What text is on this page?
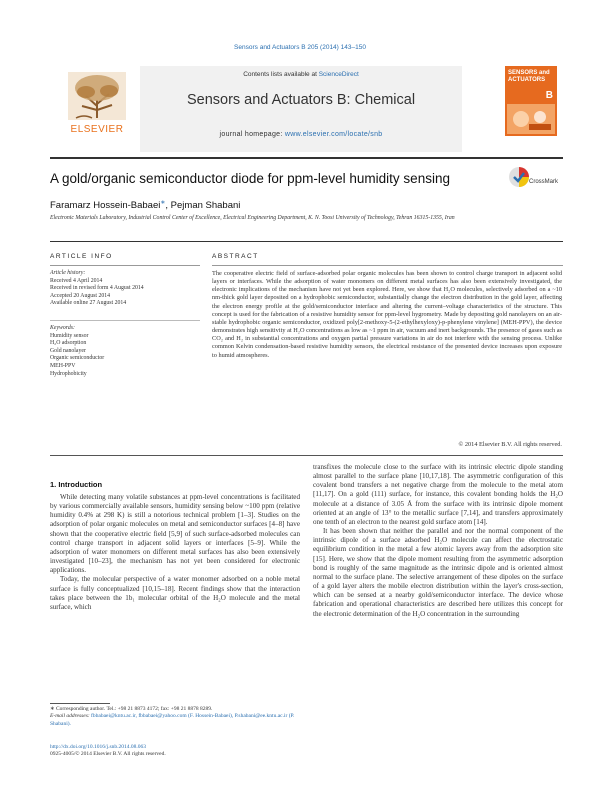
Sensors and Actuators B 205 (2014) 143–150
Contents lists available at ScienceDirect
Sensors and Actuators B: Chemical
journal homepage: www.elsevier.com/locate/snb
ELSEVIER
SENSORS and ACTUATORS
B
A gold/organic semiconductor diode for ppm-level humidity sensing	CrossMark
Faramarz Hossein-Babaei∗, Pejman Shabani
Electronic Materials Laboratory, Industrial Control Center of Excellence, Electrical Engineering Department, K. N. Toosi University of Technology, Tehran 16315-1355, Iran
ARTICLE INFO
Article history:
Received 4 April 2014
Received in revised form 4 August 2014
Accepted 20 August 2014
Available online 27 August 2014
Keywords:
Humidity sensor
H₂O adsorption
Gold nanolayer
Organic semiconductor
MEH-PPV
Hydrophobicity
ABSTRACT
The cooperative electric field of surface-adsorbed polar organic molecules has been shown to control charge transport in adjacent solid layers or interfaces. While the adsorption of water monomers on different metal surfaces has also been extensively investigated, the electronic implications of the mechanism have not yet been explored. Here, we show that H₂O molecules, selectively adsorbed on a ~10 nm-thick gold layer deposited on a hydrophobic semiconductor, substantially change the electron distribution in the gold layer, affecting the electron energy profile at the gold/semiconductor interface and altering the current–voltage characteristics of the structure. This concept is used for the fabrication of a resistive humidity sensor for ppm-level hygrometry. Made by depositing gold nanolayers on an air-stable hydrophobic organic semiconductor, oxidized poly[2-methoxy-5-(2-ethylhexyloxy)-p-phenylene vinylene] (MEH-PPV), the device demonstrates high sensitivity at H₂O concentrations as low as ~1 ppm in air, vacuum and inert backgrounds. The presence of gases such as CO₂ and H₂ in substantial concentrations and oxygen partial pressure variations in air do not interfere with the sensing process. Unlike common Kelvin condensation-based resistive humidity sensors, the electrical resistance of the presented device increases upon exposure to humid atmospheres.
© 2014 Elsevier B.V. All rights reserved.
1. Introduction

While detecting many volatile substances at ppm-level concentrations is facilitated by various commercially available sensors, humidity sensing below ~100 ppm (relative humidity 0.4% at 298 K) is still a notorious technical problem [1–3]. Studies on the adsorption of polar organic molecules on metal and semiconductor surfaces [4–8] have shown that the cooperative electric field [5,9] of such surface-adsorbed molecules can control charge transport in adjacent solid layers or interfaces [5–9]. While the adsorption of water monomers on different metal surfaces has also been extensively investigated [10–23], the mechanism has not yet been considered for electronic applications.

Today, the molecular perspective of a water monomer adsorbed on a noble metal surface is fully conceptualized [10,15–18]. Recent findings show that the interaction takes place between the 1b₁ molecular orbital of the H₂O molecule and the metal surface, which

transfixes the molecule close to the surface with its intrinsic electric dipole standing almost parallel to the surface plane [10,17,18]. The asymmetric configuration of this covalent bond transfers a net negative charge from the molecule to the metal atom [11,17]. On a gold (111) surface, for instance, this covalent bonding holds the H₂O molecule at a distance of 3.05 Å from the surface with its intrinsic dipole moment oriented at an angle of 13° to the metallic surface [7,14], and transfers approximately one tenth of an electron to the nearest gold surface atom [14].

It has been shown that neither the parallel and nor the normal component of the intrinsic dipole of a surface adsorbed H₂O molecule can affect the electrostatic equilibrium condition in the metal a few atomic layers away from the adsorption site [15]. Here, we show that the dipole moment resulting from the asymmetric adsorption bond is roughly of the same magnitude as the intrinsic dipole and is oriented almost normal to the surface plane. The selective arrangement of these dipoles on the surface of a gold layer alters the mobile electron distribution within the layer's cross-section, which can be sensed at a nearby gold/semiconductor interface. The device whose fabrication and operational characteristics are described here utilizes this concept for the electronic determination of the H₂O concentration in the surrounding

∗ Corresponding author. Tel.: +98 21 8873 4172; fax: +98 21 8878 8289.
E-mail addresses: fbbabaei@kntu.ac.ir, fbbabaei@yahoo.com (F. Hossein-Babaei), P.shabani@ee.kntu.ac.ir (P. Shabani).
http://dx.doi.org/10.1016/j.snb.2014.08.063
0925-4005/© 2014 Elsevier B.V. All rights reserved.
